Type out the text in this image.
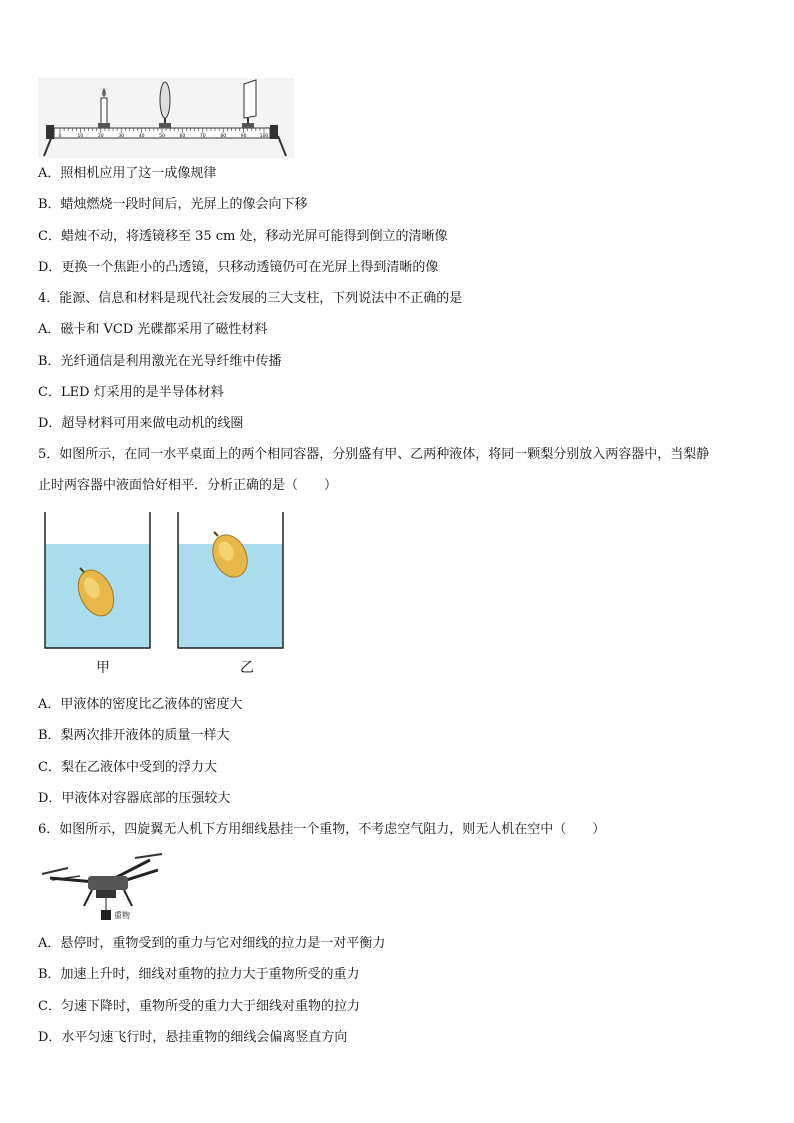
0	10	20	30	40	50	60	70	80	90	100
A．照相机应用了这一成像规律
B．蜡烛燃烧一段时间后，光屏上的像会向下移
C．蜡烛不动，将透镜移至 35 cm 处，移动光屏可能得到倒立的清晰像
D．更换一个焦距小的凸透镜，只移动透镜仍可在光屏上得到清晰的像
4．能源、信息和材料是现代社会发展的三大支柱，下列说法中不正确的是
A．磁卡和 VCD 光碟都采用了磁性材料
B．光纤通信是利用激光在光导纤维中传播
C．LED 灯采用的是半导体材料
D．超导材料可用来做电动机的线圈
5．如图所示，在同一水平桌面上的两个相同容器，分别盛有甲、乙两种液体，将同一颗梨分别放入两容器中，当梨静
止时两容器中液面恰好相平．分析正确的是（　　）
甲	乙
A．甲液体的密度比乙液体的密度大
B．梨两次排开液体的质量一样大
C．梨在乙液体中受到的浮力大
D．甲液体对容器底部的压强较大
6．如图所示，四旋翼无人机下方用细线悬挂一个重物，不考虑空气阻力，则无人机在空中（　　）
重物
A．悬停时，重物受到的重力与它对细线的拉力是一对平衡力
B．加速上升时，细线对重物的拉力大于重物所受的重力
C．匀速下降时，重物所受的重力大于细线对重物的拉力
D．水平匀速飞行时，悬挂重物的细线会偏离竖直方向
